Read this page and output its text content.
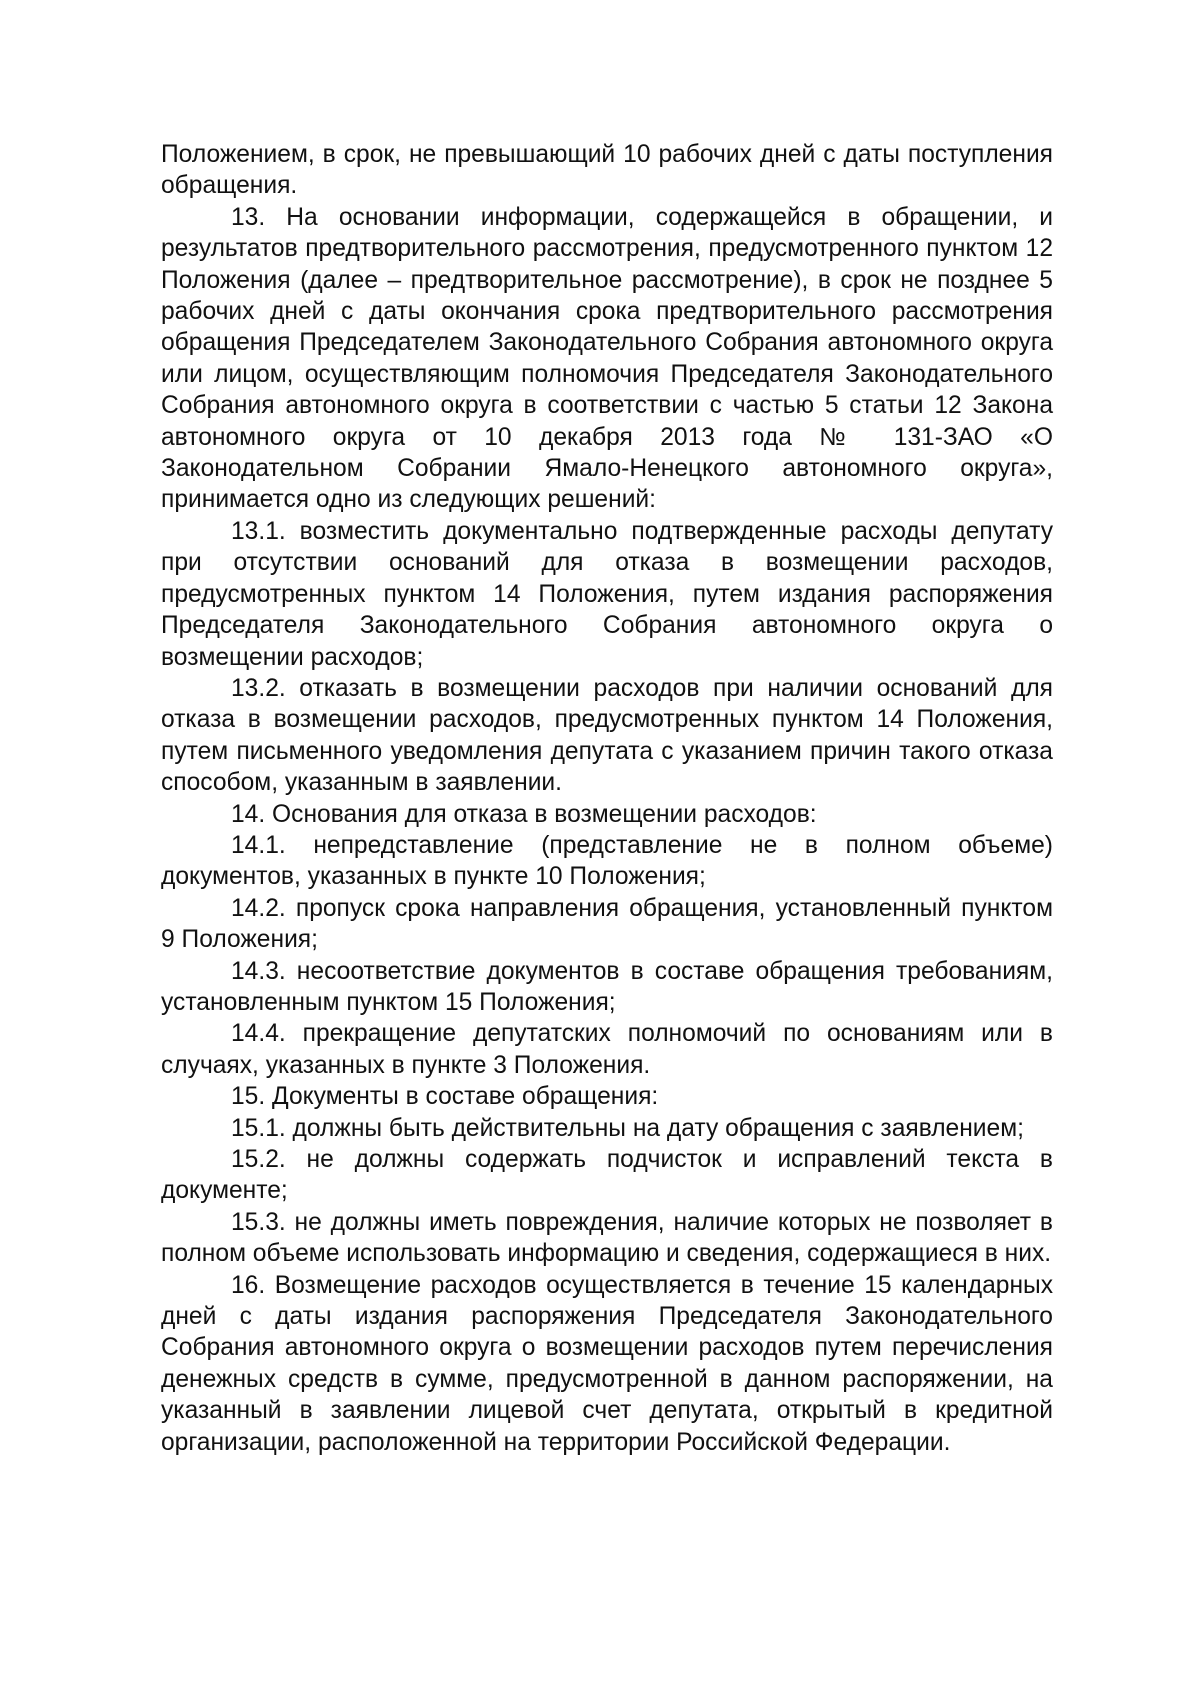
Положением, в срок, не превышающий 10 рабочих дней с даты поступления обращения.

13. На основании информации, содержащейся в обращении, и результатов предтворительного рассмотрения, предусмотренного пунктом 12 Положения (далее – предтворительное рассмотрение), в срок не позднее 5 рабочих дней с даты окончания срока предтворительного рассмотрения обращения Председателем Законодательного Собрания автономного округа или лицом, осуществляющим полномочия Председателя Законодательного Собрания автономного округа в соответствии с частью 5 статьи 12 Закона автономного округа от 10 декабря 2013 года № 131-ЗАО «О Законодательном Собрании Ямало-Ненецкого автономного округа», принимается одно из следующих решений:

13.1. возместить документально подтвержденные расходы депутату при отсутствии оснований для отказа в возмещении расходов, предусмотренных пунктом 14 Положения, путем издания распоряжения Председателя Законодательного Собрания автономного округа о возмещении расходов;

13.2. отказать в возмещении расходов при наличии оснований для отказа в возмещении расходов, предусмотренных пунктом 14 Положения, путем письменного уведомления депутата с указанием причин такого отказа способом, указанным в заявлении.

14. Основания для отказа в возмещении расходов:

14.1. непредставление (представление не в полном объеме) документов, указанных в пункте 10 Положения;

14.2. пропуск срока направления обращения, установленный пунктом 9 Положения;

14.3. несоответствие документов в составе обращения требованиям, установленным пунктом 15 Положения;

14.4. прекращение депутатских полномочий по основаниям или в случаях, указанных в пункте 3 Положения.

15. Документы в составе обращения:

15.1. должны быть действительны на дату обращения с заявлением;

15.2. не должны содержать подчисток и исправлений текста в документе;

15.3. не должны иметь повреждения, наличие которых не позволяет в полном объеме использовать информацию и сведения, содержащиеся в них.

16. Возмещение расходов осуществляется в течение 15 календарных дней с даты издания распоряжения Председателя Законодательного Собрания автономного округа о возмещении расходов путем перечисления денежных средств в сумме, предусмотренной в данном распоряжении, на указанный в заявлении лицевой счет депутата, открытый в кредитной организации, расположенной на территории Российской Федерации.
